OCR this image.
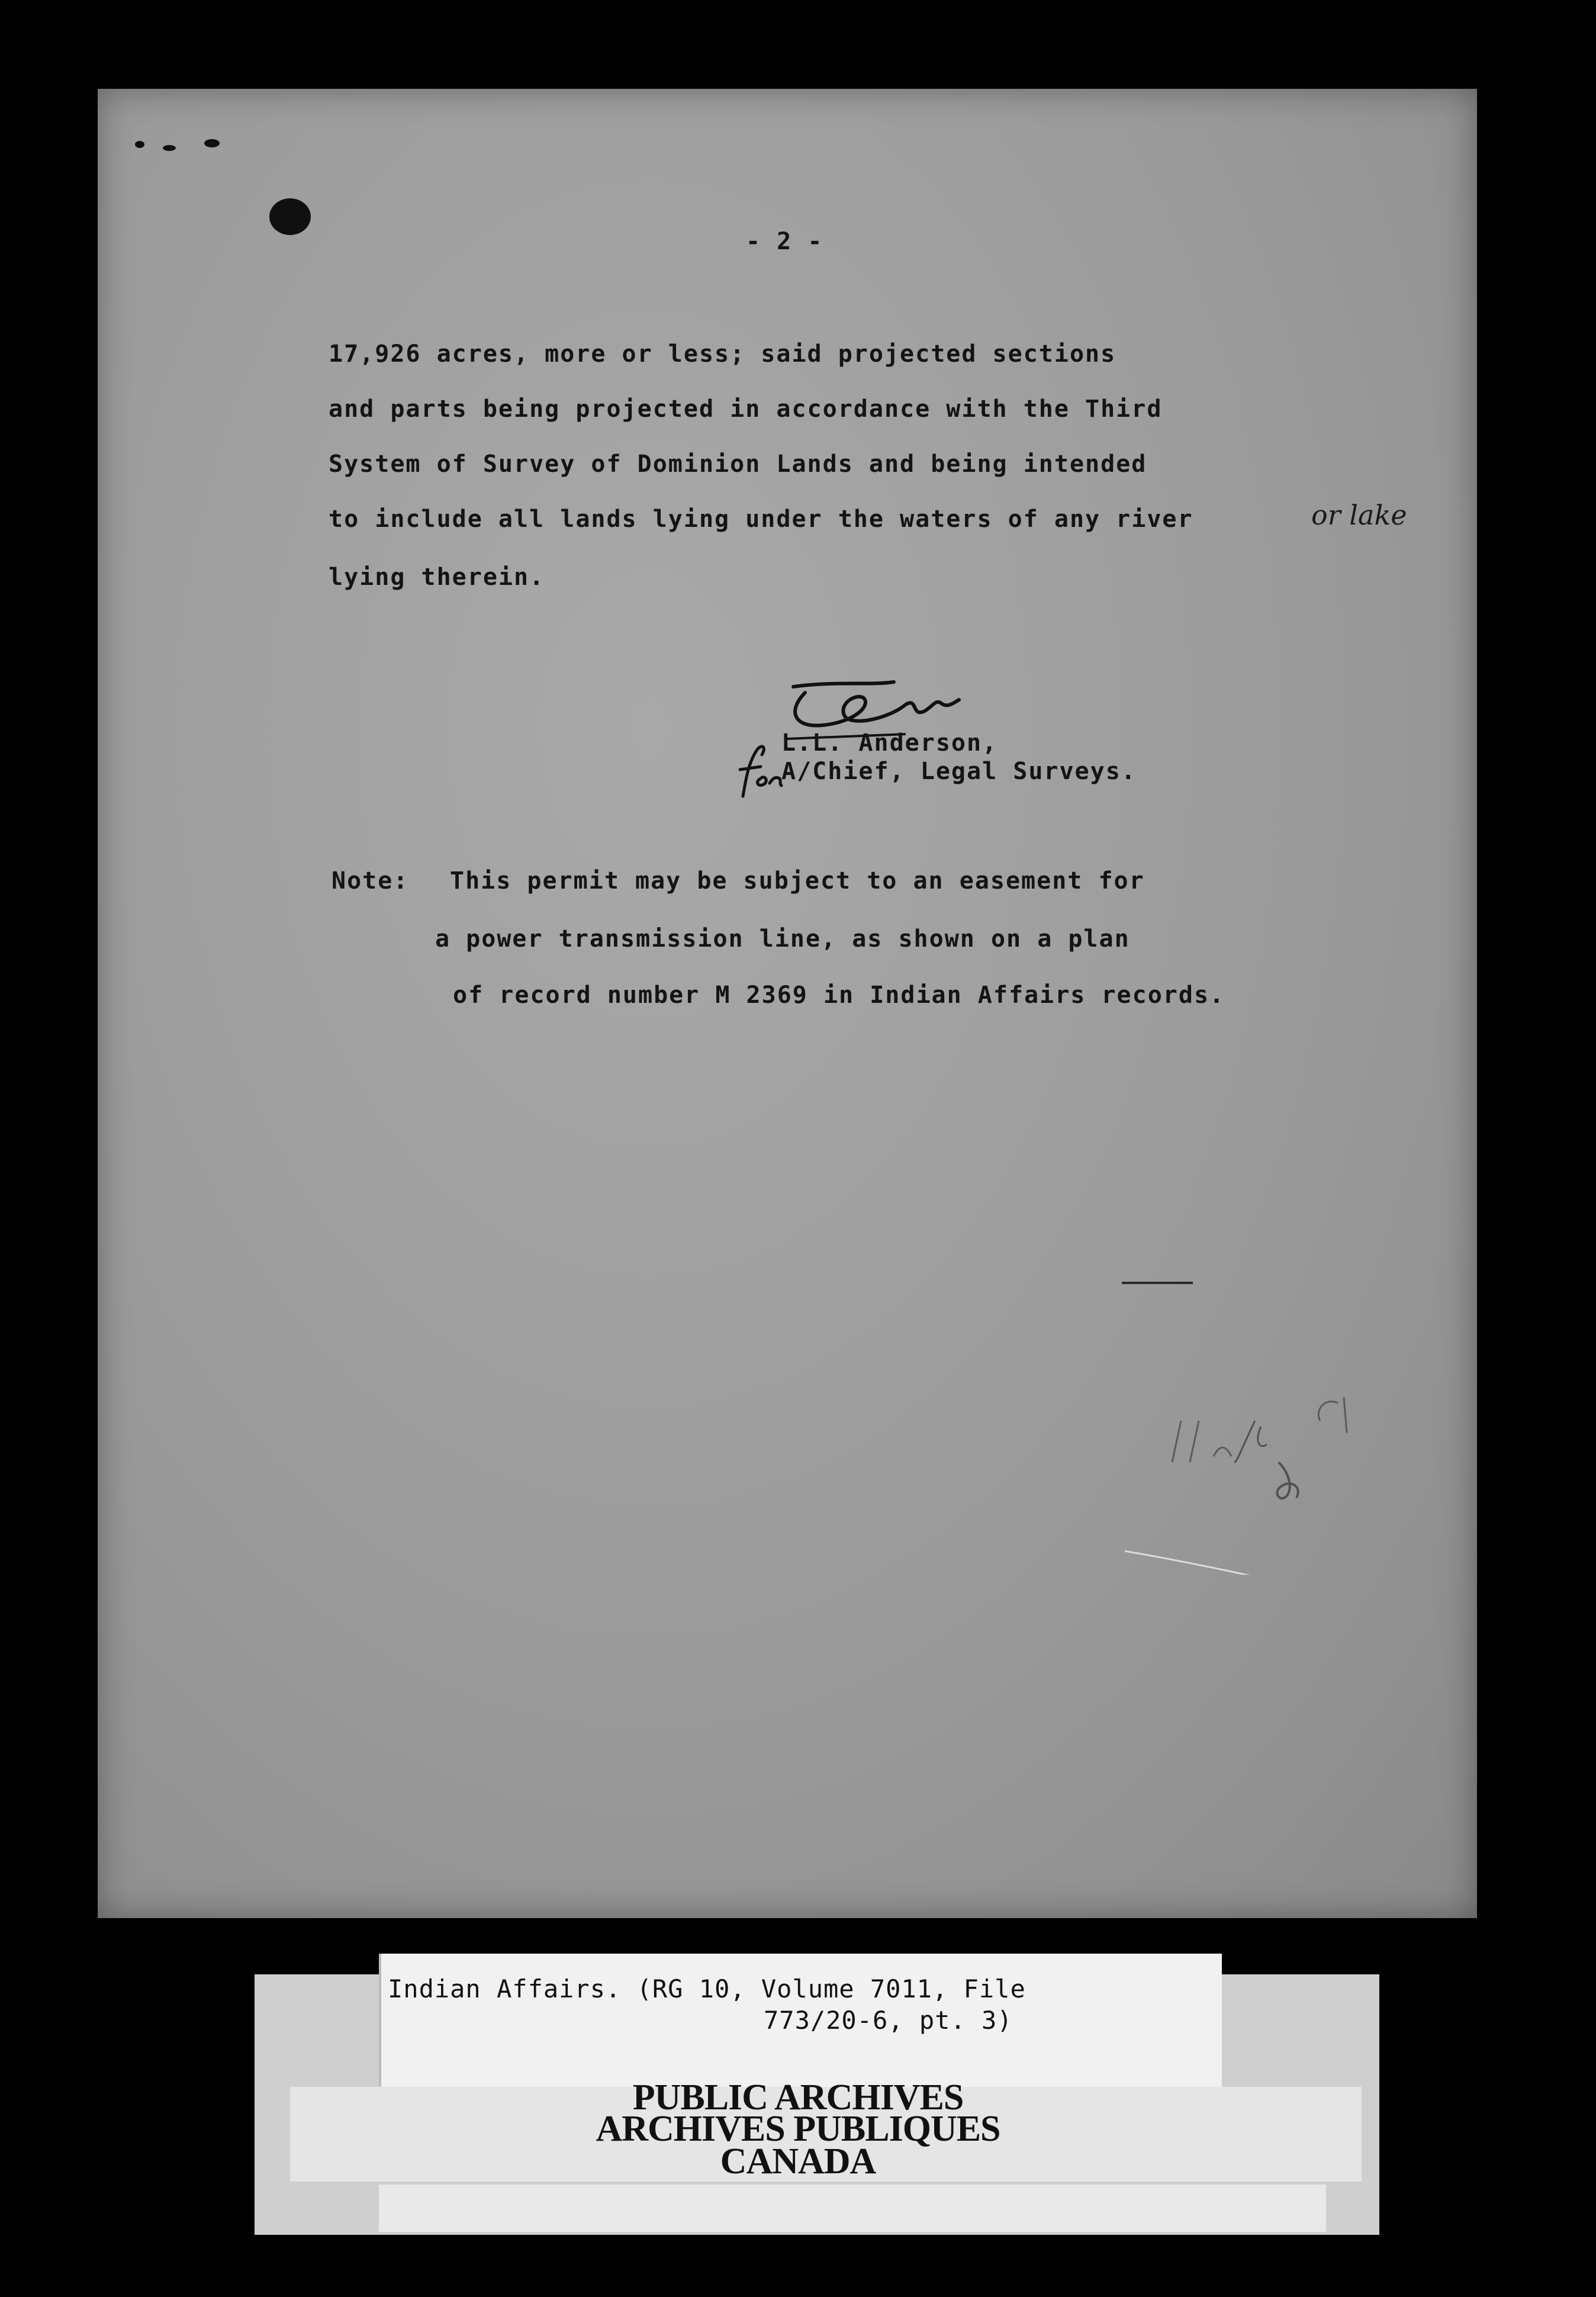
- 2 -
17,926 acres, more or less; said projected sections
and parts being projected in accordance with the Third
System of Survey of Dominion Lands and being intended
to include all lands lying under the waters of any river
lying therein.
or lake
L.L. Anderson,
A/Chief, Legal Surveys.
Note: This permit may be subject to an easement for
a power transmission line, as shown on a plan
of record number M 2369 in Indian Affairs records.
Indian Affairs. (RG 10, Volume 7011, File
773/20-6, pt. 3)
PUBLIC ARCHIVES
ARCHIVES PUBLIQUES
CANADA
